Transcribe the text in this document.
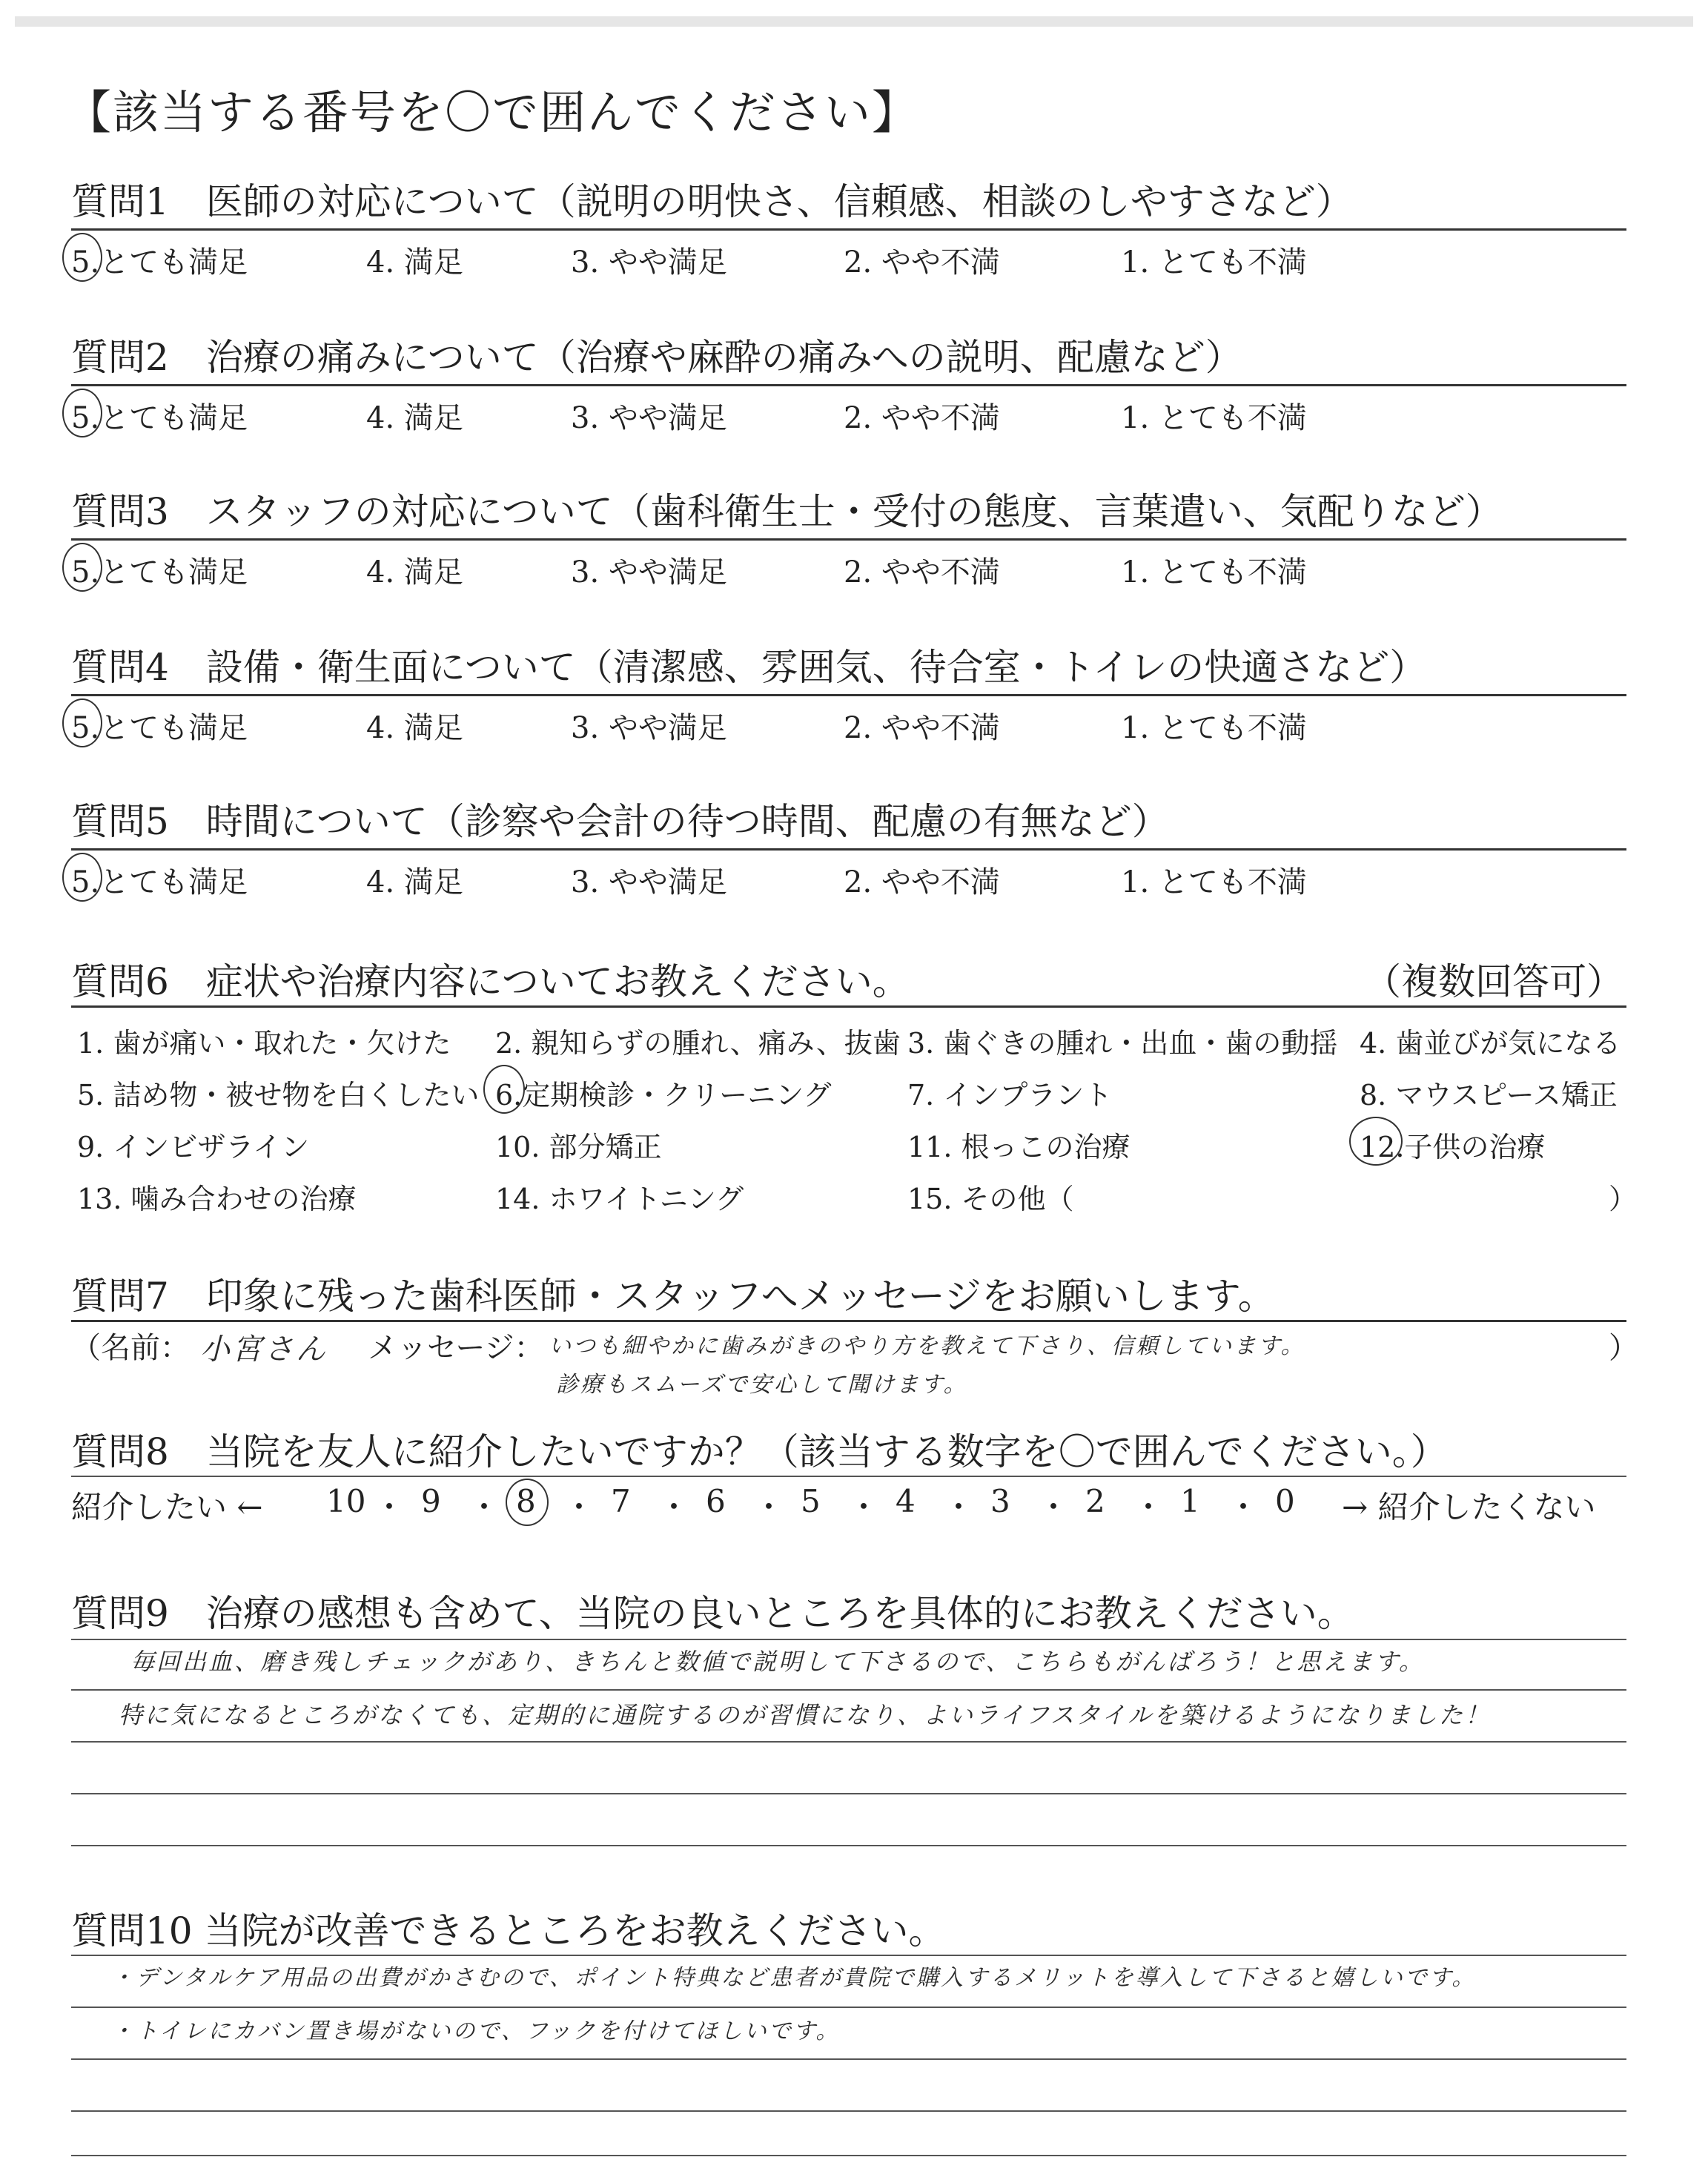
【該当する番号を〇で囲んでください】
質問1　医師の対応について（説明の明快さ、信頼感、相談のしやすさなど）
5.とても満足	4. 満足	3. やや満足	2. やや不満	1. とても不満
質問2　治療の痛みについて（治療や麻酔の痛みへの説明、配慮など）
5.とても満足	4. 満足	3. やや満足	2. やや不満	1. とても不満
質問3　スタッフの対応について（歯科衛生士・受付の態度、言葉遣い、気配りなど）
5.とても満足	4. 満足	3. やや満足	2. やや不満	1. とても不満
質問4　設備・衛生面について（清潔感、雰囲気、待合室・トイレの快適さなど）
5.とても満足	4. 満足	3. やや満足	2. やや不満	1. とても不満
質問5　時間について（診察や会計の待つ時間、配慮の有無など）
5.とても満足	4. 満足	3. やや満足	2. やや不満	1. とても不満
質問6　症状や治療内容についてお教えください。	（複数回答可）
1. 歯が痛い・取れた・欠けた 2. 親知らずの腫れ、痛み、抜歯 3. 歯ぐきの腫れ・出血・歯の動揺 4. 歯並びが気になる
5. 詰め物・被せ物を白くしたい 6.定期検診・クリーニング	7. インプラント	8. マウスピース矯正
9. インビザライン	10. 部分矯正	11. 根っこの治療	12.子供の治療
13. 噛み合わせの治療	14. ホワイトニング	15. その他（	）
質問7　印象に残った歯科医師・スタッフへメッセージをお願いします。
（名前： 小宮さん メッセージ： いつも細やかに歯みがきのやり方を教えて下さり、信頼しています。
診療もスムーズで安心して聞けます。
）
質問8　当院を友人に紹介したいですか？（該当する数字を〇で囲んでください。）
紹介したい ← 10 ・ 9 ・ 8 ・ 7 ・ 6 ・ 5 ・ 4 ・ 3 ・ 2 ・ 1 ・ 0 → 紹介したくない
質問9　治療の感想も含めて、当院の良いところを具体的にお教えください。
毎回出血、磨き残しチェックがあり、きちんと数値で説明して下さるので、こちらもがんばろう！と思えます。
特に気になるところがなくても、定期的に通院するのが習慣になり、よいライフスタイルを築けるようになりました！
質問10 当院が改善できるところをお教えください。
・デンタルケア用品の出費がかさむので、ポイント特典など患者が貴院で購入するメリットを導入して下さると嬉しいです。
・トイレにカバン置き場がないので、フックを付けてほしいです。
